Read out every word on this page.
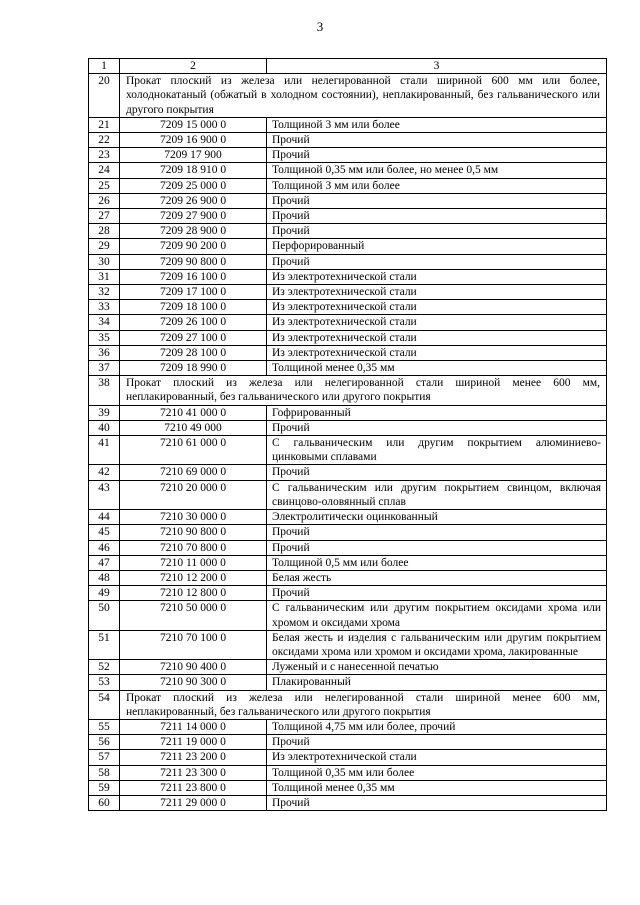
3
1	2	3
20	Прокат плоский из железа или нелегированной стали шириной 600 мм или более, холоднокатаный (обжатый в холодном состоянии), неплакированный, без гальванического или другого покрытия	
21	7209 15 000 0	Толщиной 3 мм или более
22	7209 16 900 0	Прочий
23	7209 17 900	Прочий
24	7209 18 910 0	Толщиной 0,35 мм или более, но менее 0,5 мм
25	7209 25 000 0	Толщиной 3 мм или более
26	7209 26 900 0	Прочий
27	7209 27 900 0	Прочий
28	7209 28 900 0	Прочий
29	7209 90 200 0	Перфорированный
30	7209 90 800 0	Прочий
31	7209 16 100 0	Из электротехнической стали
32	7209 17 100 0	Из электротехнической стали
33	7209 18 100 0	Из электротехнической стали
34	7209 26 100 0	Из электротехнической стали
35	7209 27 100 0	Из электротехнической стали
36	7209 28 100 0	Из электротехнической стали
37	7209 18 990 0	Толщиной менее 0,35 мм
38	Прокат плоский из железа или нелегированной стали шириной менее 600 мм, неплакированный, без гальванического или другого покрытия	
39	7210 41 000 0	Гофрированный
40	7210 49 000	Прочий
41	7210 61 000 0	С гальваническим или другим покрытием алюминиево-цинковыми сплавами
42	7210 69 000 0	Прочий
43	7210 20 000 0	С гальваническим или другим покрытием свинцом, включая свинцово-оловянный сплав
44	7210 30 000 0	Электролитически оцинкованный
45	7210 90 800 0	Прочий
46	7210 70 800 0	Прочий
47	7210 11 000 0	Толщиной 0,5 мм или более
48	7210 12 200 0	Белая жесть
49	7210 12 800 0	Прочий
50	7210 50 000 0	С гальваническим или другим покрытием оксидами хрома или хромом и оксидами хрома
51	7210 70 100 0	Белая жесть и изделия с гальваническим или другим покрытием оксидами хрома или хромом и оксидами хрома, лакированные
52	7210 90 400 0	Луженый и с нанесенной печатью
53	7210 90 300 0	Плакированный
54	Прокат плоский из железа или нелегированной стали шириной менее 600 мм, неплакированный, без гальванического или другого покрытия	
55	7211 14 000 0	Толщиной 4,75 мм или более, прочий
56	7211 19 000 0	Прочий
57	7211 23 200 0	Из электротехнической стали
58	7211 23 300 0	Толщиной 0,35 мм или более
59	7211 23 800 0	Толщиной менее 0,35 мм
60	7211 29 000 0	Прочий
